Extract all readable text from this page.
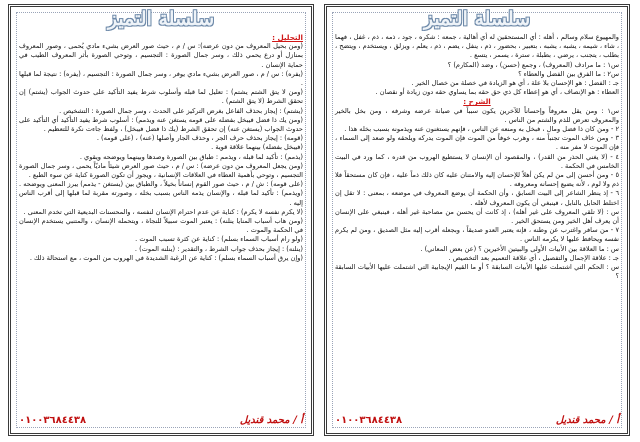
سلسلة التميز

التحليل :

(ومن بحيل المعروف من دون عرضه): س / م ، حيث صور العرض بشيء مادي يُحمى ، وصور المعروف بمنازل أو درع يحمي ذلك ، وسر جمال الصورة : التجسيم ، وتوحي الصورة بأثر المعروف الطيب في حماية الإنسان .

(يفره) : س / م ، صور العرض بشيء مادي يوفر ، وسر جمال الصورة : التجسيم ، (يفره) : نتيجة لما قبلها .

(ومن لا يتق الشتم يشتم) : تعليل لما قبله وأسلوب شرط يفيد التأكيد على حدوث الجواب (يشتم) إن تحقق الشرط (لا يتق الشتم) .

(يشتم) : إيجاز بحذف الفاعل بغرض التركيز على الحدث ، وسر جمال الصورة : التشخيص .

(ومن يك ذا فضل فيبخل بفضله على قومه يستغن عنه ويذمم) : أسلوب شرط يفيد التأكيد أي التأكيد على حدوث الجواب (يستغن عنه) إن تحقق الشرط (يك ذا فضل فيبخل) ، ولفظ جاءت نكرة للتعظيم .

(قومه) : إيجاز بحذف حرف الجر ، وحذف الجار وأصلها (عنه) ، (على قومه) .

(فيبخل بفضله) بينهما علاقة قوية .

(يذمم) : تأكيد لما قبله ، ويذمم : طباق بين الصورة وصدها وبينهما ويوضحه ويقوي .

(ومن يجعل المعروف من دون عرضه) : س / م ، حيث صور العرض شيئاً ماديّاً يحمى ، وسر جمال الصورة التجسيم ، وتوحي بأهمية العطاء في العلاقات الإنسانية ، ويجوز أن تكون الصورة كناية عن سوء الطبع .

(على قومه) : ش / م ، حيث صور القوم إنساناً بخيلاً ، والطباق بين (يستغن - يذمم) يبرز المعنى ويوضحه .

(ويذمم) : تأكيد لما قبله ، والإنسان يذمه الناس بسبب بخله ، وصورته مقربة لما قبلها إلى أقرب الناس إليه .

(لا يكرم نفسه لا يكرم) : كناية عن عدم احترام الإنسان لنفسه ، والمحسنات البديعية التي تخدم المعنى .

(ومن هاب أسباب المنايا ينلنه) : يعتبر الموت سبيلاً للنجاة ، ويتحمله الإنسان ، والمتنبي يستخدم الإنسان في الحكمة والموت .

(ولو رام أسباب السماء بسلم) : كناية عن كثرة تسبب الموت .

(ينلنه) : إيجاز بحذف جواب الشرط ، والتقدير : (ينلنه الموت) .

(وإن يرق أسباب السماء بسلم) : كناية عن الرغبة الشديدة في الهروب من الموت ، مع استحالة ذلك .

٠١٠٠٣٦٨٤٤٣٨	أ / محمد قنديل
سلسلة التميز

والمهيوع سلام وسالم ، أهله : أي المستحقين له أي أهالية ، جمعه : شكره ، جود ، ذمه ، ذم ، غفل ، فهما ، شاء ، شيمه ، يشبه ، يشبه ، بتعبير ، بحضور ، ذم ، ينفل ، يضم ، ذم ، يعلم ، ويزلق ، ويستخدم ، ويتضح ، بطلب ، يتجنب ، يرضي ، بطبلة ، سترة ، يسمر ، يتسع .

س١ : ما مرادف (المعروف) ، وجمع (حسن) ، وضد (المكارم) ؟

س٢ : ما الفرق بين الفضل والعطاء ؟

جـ : الفضل : هو الإحسان بلا علة ، أي هو الزيادة في خصلة من خصال الخير .

العطاء : هو الإنصاف ، أي هو إعطاء كل ذي حق حقه بما يساوي حقه دون زيادة أو نقصان .

الشرح :

س١ : ومن يقل معروفاً وإحساناً للآخرين يكون سبباً في صيانة عرضه وشرفه ، ومن بخل بالخير والمعروف تعرض للذم والشتم من الناس .

٢ - ومن كان ذا فضل ومال ، فبخل به ومنعه عن الناس ، فإنهم يستغنون عنه ويذمونه بسبب بخله هذا .

٣ - ومن خاف الموت تجنباً منه ، وهرب خوفاً من الموت فإن الموت يدركه ويلحقه ولو صعد إلى السماء ، فإن الموت لا مفر منه .

٤ - (لا يغني الحذر من القدر) ، والمقصود أن الإنسان لا يستطيع الهروب من قدره ، كما ورد في البيت الخامس في الحكمة .

٥ - ومن أحسن إلى من لم يكن أهلاً للإحسان إليه والامتنان عليه كان ذلك ذماً عليه ، فإن كان مستحقاً فلا ذم ولا لوم ، لأنه يضيع إحسانه ومعروفه .

٦ - إذ ينظر الشاعر إلى البيت السابق ، وأن الحكمة أن يوضع المعروف في موضعه ، بمعنى : لا تقل إن اختلط الحابل بالنابل ، فينبغي أن يكون المعروف لأهله .

س : (لا تلقي المعروف على غير أهله) ، إذ كانت أن يحسن من مصاحبة غير أهله ، فينبغي على الإنسان أن يعرف أهل الخير ومن يستحق الخير .

٧ - من سافر واغترب عن وطنه ، فإنه يعتبر العدو صديقاً ، وبجعله أقرب إليه مثل الصديق ، ومن لم يكرم نفسه ويحافظ عليها لا يكرمه الناس .

س : ما العلاقة بين الأبيات الأولى والبيتين الأخيرين ؟ (عن بعض المعاني) .

جـ : علاقة الإجمال والتفصيل ، أي علاقة التعميم بعد التخصيص .

س : الحكم التي اشتملت عليها الأبيات السابقة ؟ أو ما القيم الإيجابية التي اشتملت عليها الأبيات السابقة ؟

٠١٠٠٣٦٨٤٤٣٨	أ / محمد قنديل
